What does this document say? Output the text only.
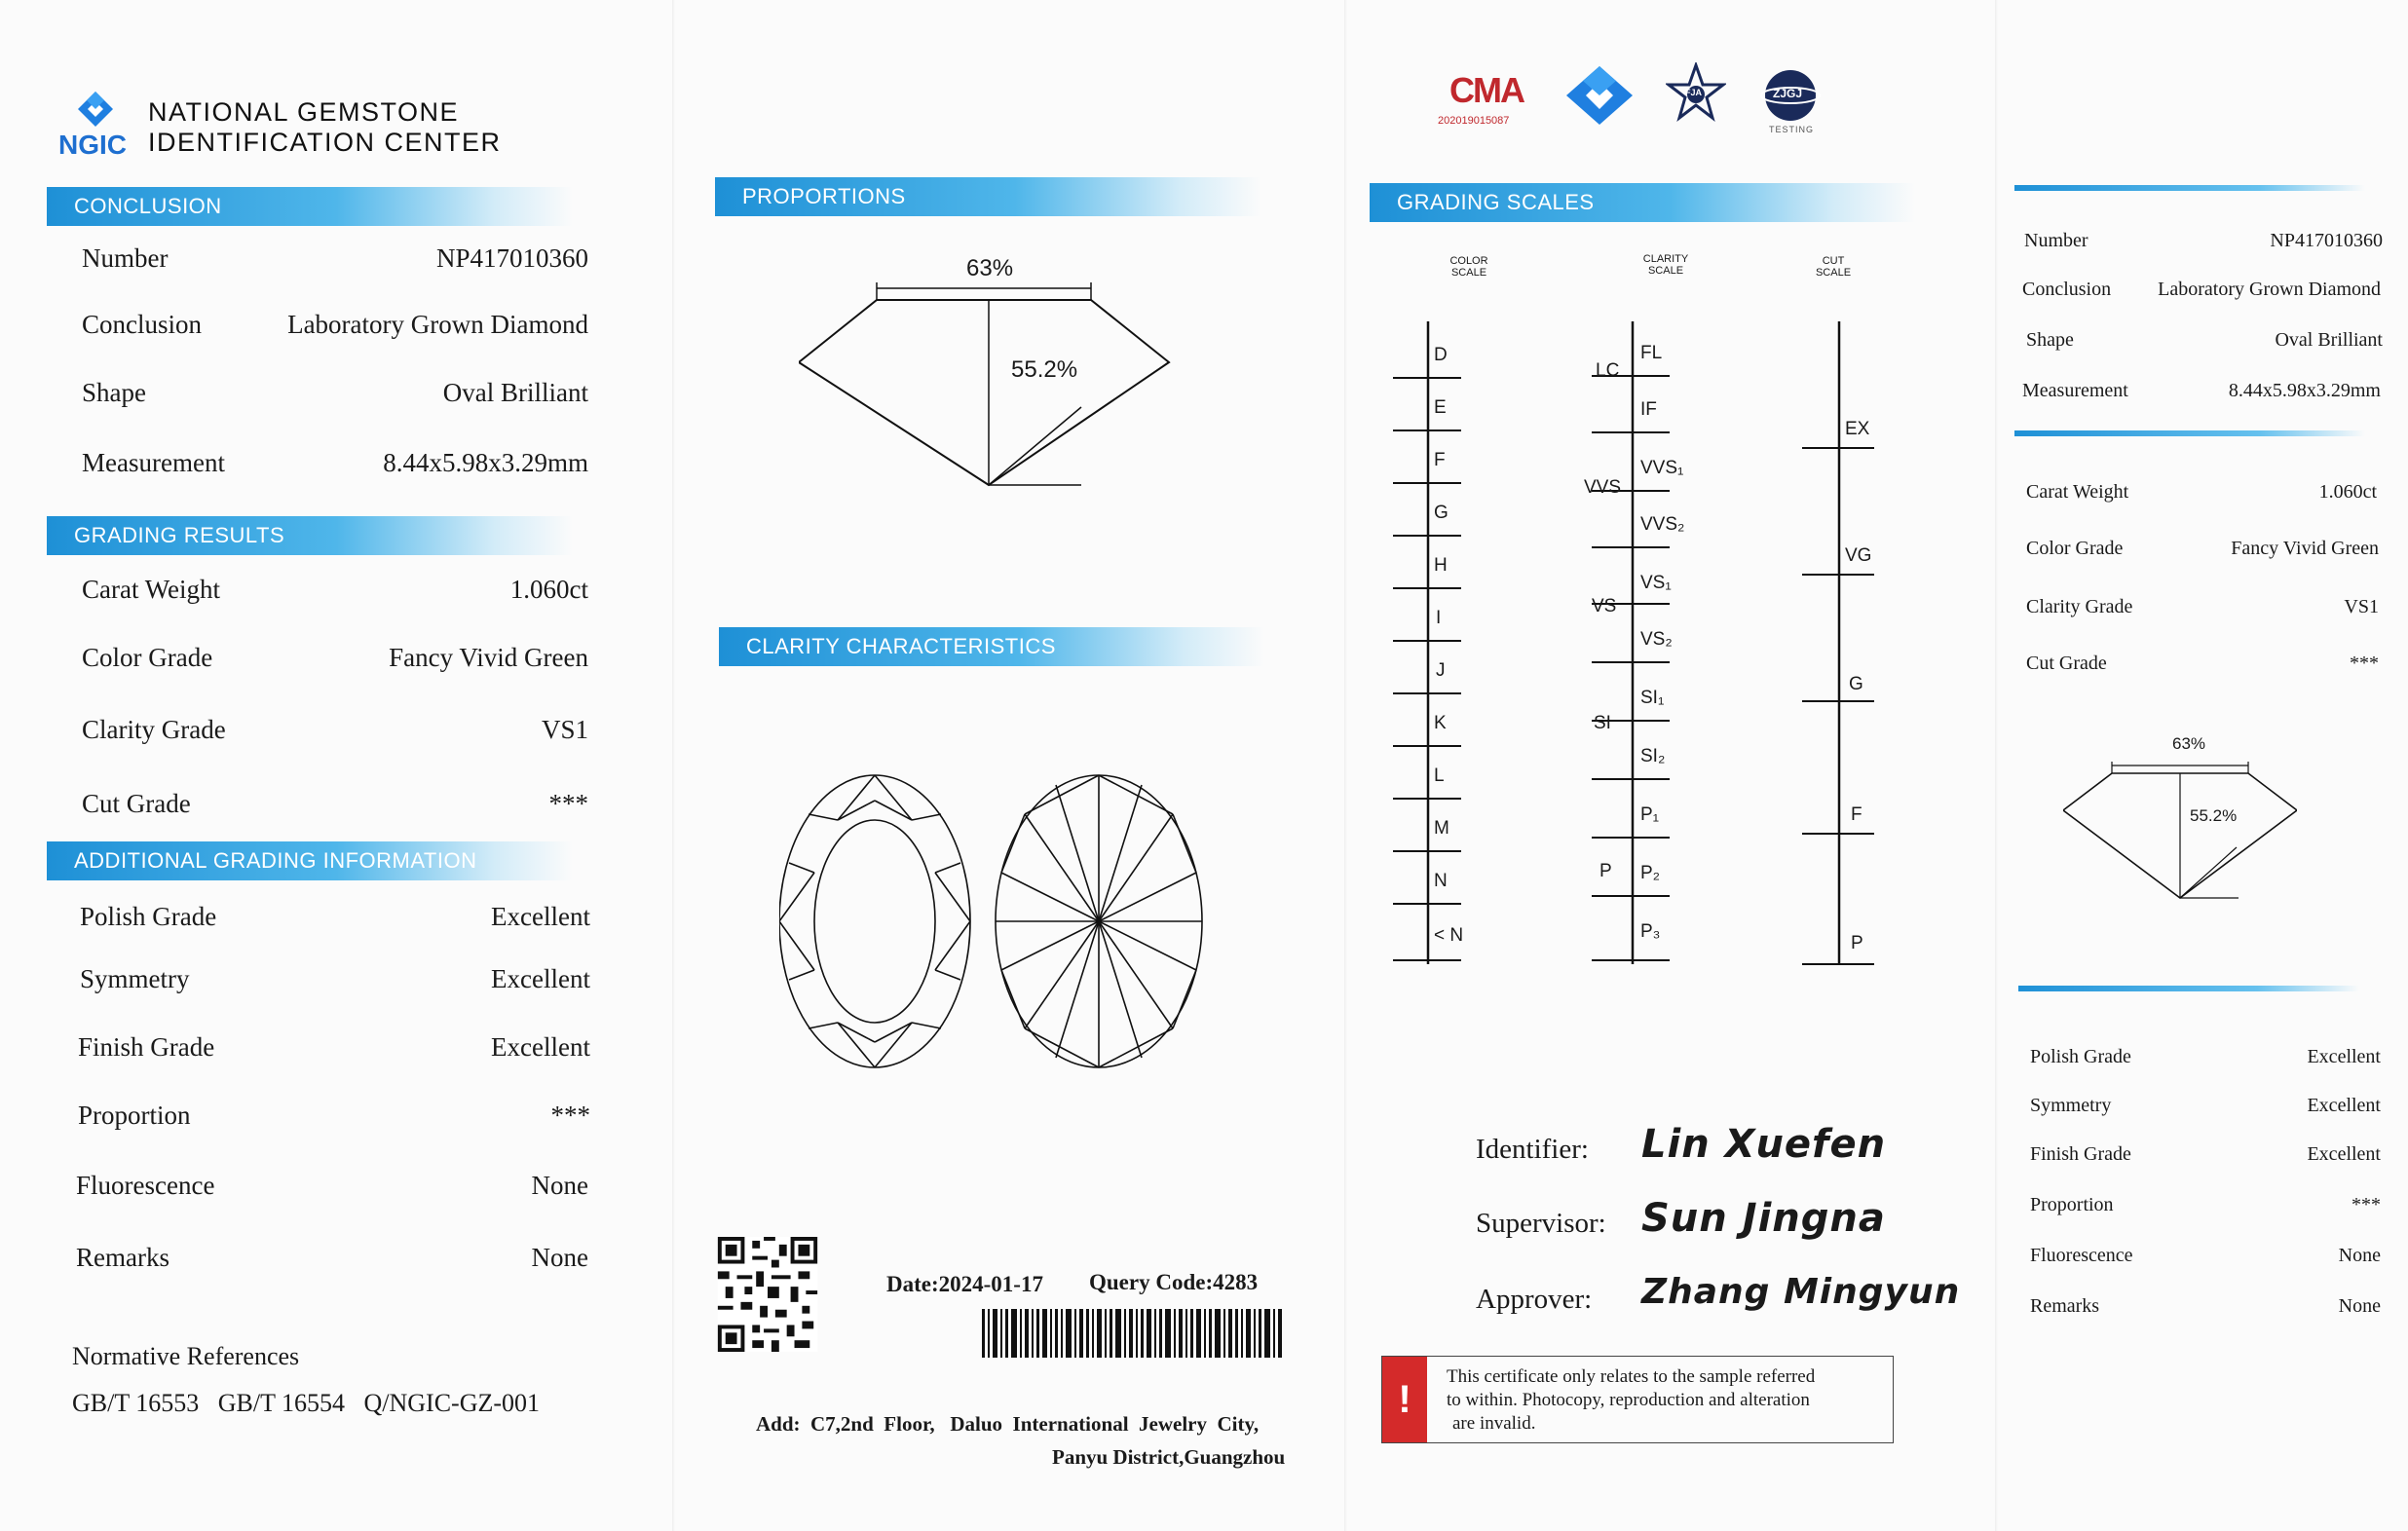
NGIC
NATIONAL GEMSTONE
IDENTIFICATION CENTER
CONCLUSION
Number	NP417010360
Conclusion	Laboratory Grown Diamond
Shape	Oval Brilliant
Measurement	8.44x5.98x3.29mm
GRADING RESULTS
Carat Weight	1.060ct
Color Grade	Fancy Vivid Green
Clarity Grade	VS1
Cut Grade	***
ADDITIONAL GRADING INFORMATION
Polish Grade	Excellent
Symmetry	Excellent
Finish Grade	Excellent
Proportion	***
Fluorescence	None
Remarks	None
Normative References
GB/T 16553   GB/T 16554   Q/NGIC-GZ-001
PROPORTIONS
63%
55.2%
CLARITY CHARACTERISTICS
Date:2024-01-17 Query Code:4283
Add:  C7,2nd  Floor,   Daluo  International  Jewelry  City,
Panyu District,Guangzhou
CMA
202019015087
FJA	ZJGJ
TESTING
GRADING SCALES
COLOR
SCALE
CLARITY
SCALE
CUT
SCALE
D
E
F
G
H
I
J
K
L
M
N
< N
LC
VVS
VS
SI
P
FL
IF
VVS₁
VVS₂
VS₁
VS₂
SI₁
SI₂
P₁
P₂
P₃
EX
VG
G
F
P
Identifier: Lin Xuefen
Supervisor: Sun Jingna
Approver: Zhang Mingyun
!
This certificate only relates to the sample referred
to within. Photocopy, reproduction and alteration
are invalid.
Number	NP417010360
Conclusion Laboratory Grown Diamond
Shape	Oval Brilliant
Measurement	8.44x5.98x3.29mm
Carat Weight	1.060ct
Color Grade	Fancy Vivid Green
Clarity Grade	VS1
Cut Grade	***
63%
55.2%
Polish Grade	Excellent
Symmetry	Excellent
Finish Grade	Excellent
Proportion	***
Fluorescence	None
Remarks	None
